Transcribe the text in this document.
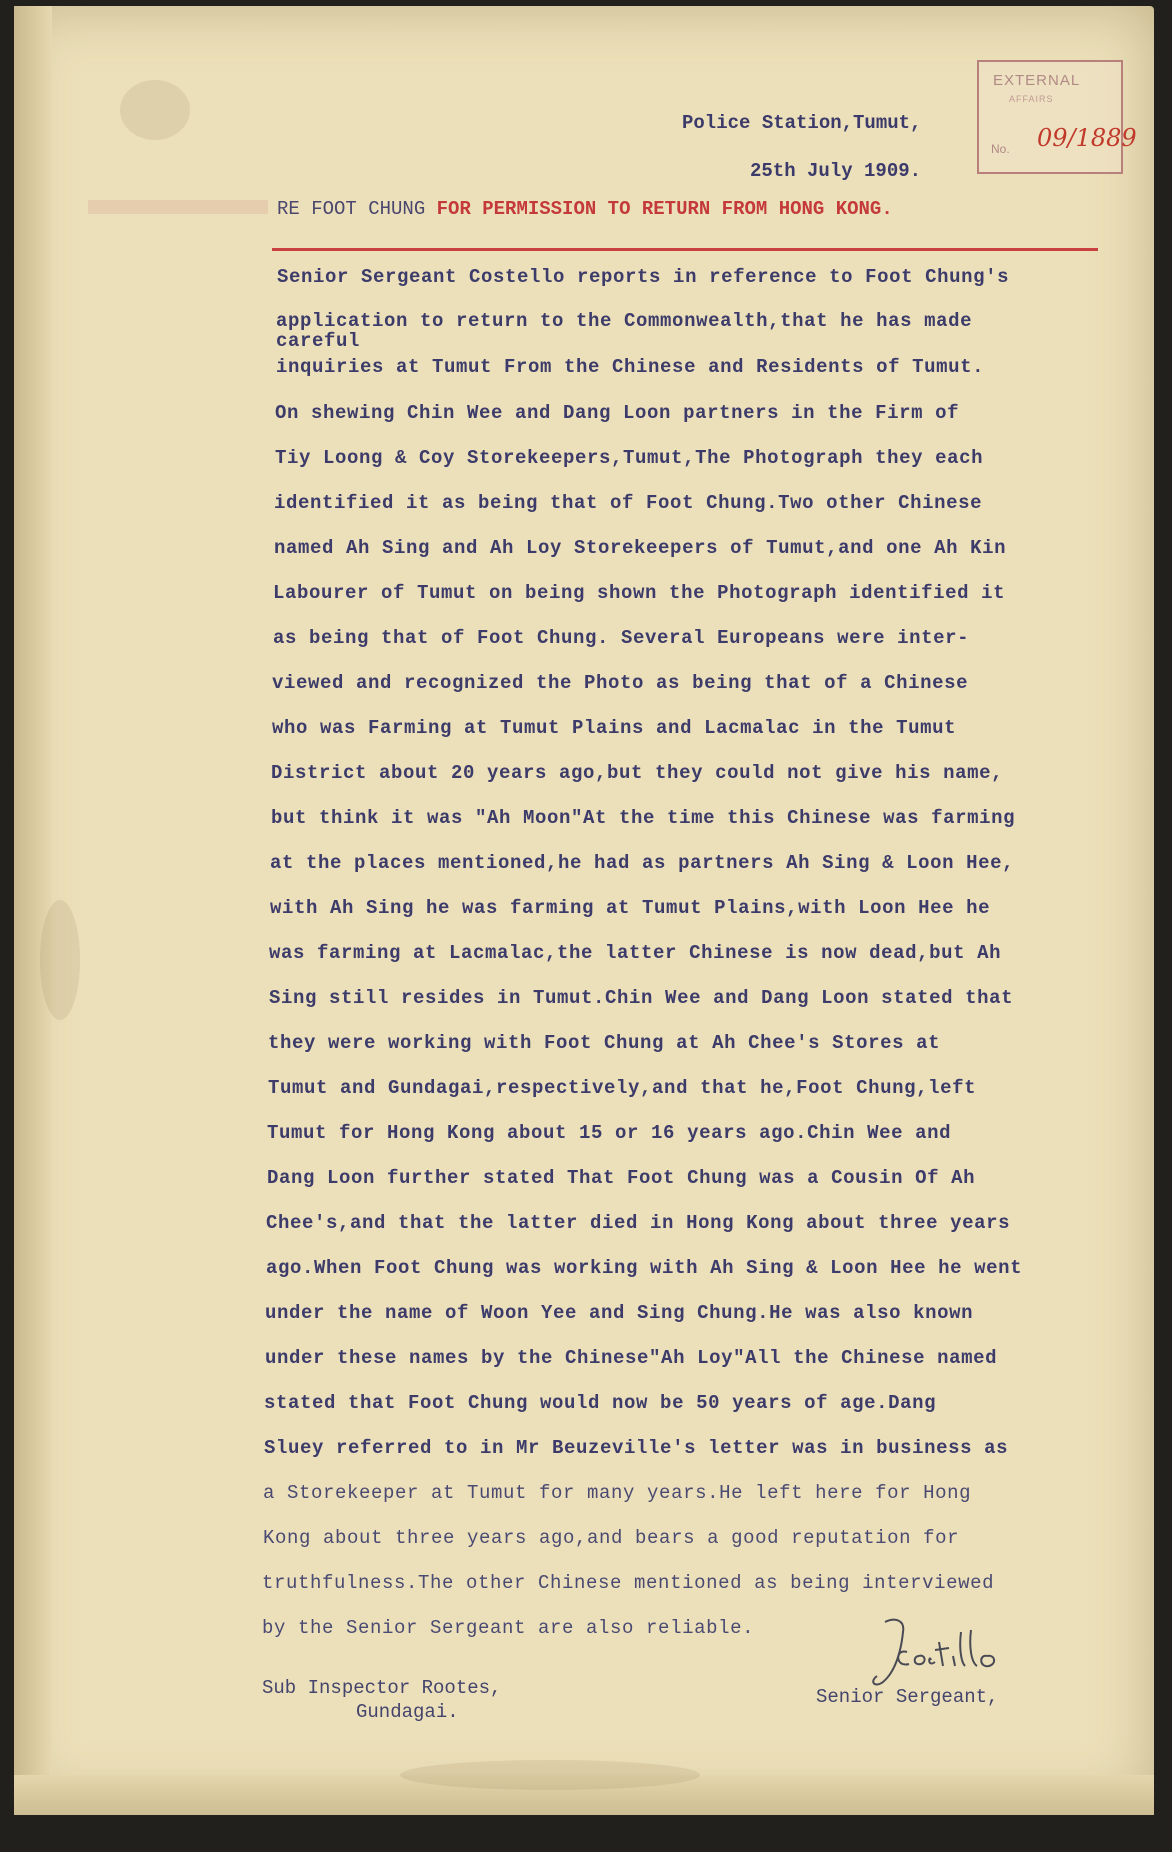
EXTERNAL
AFFAIRS
No. 09/1889
Police Station,Tumut,
25th July 1909.
RE FOOT CHUNG FOR PERMISSION TO RETURN FROM HONG KONG.
Senior Sergeant Costello reports in reference to Foot Chung's
application to return to the Commonwealth,that he has made
careful
inquiries at Tumut From the Chinese and Residents of Tumut.
On shewing Chin Wee and Dang Loon partners in the Firm of
Tiy Loong & Coy Storekeepers,Tumut,The Photograph they each
identified it as being that of Foot Chung.Two other Chinese
named Ah Sing and Ah Loy Storekeepers of Tumut,and one Ah Kin
Labourer of Tumut on being shown the Photograph identified it
as being that of Foot Chung. Several Europeans were inter-
viewed and recognized the Photo as being that of a Chinese
who was Farming at Tumut Plains and Lacmalac in the Tumut
District about 20 years ago,but they could not give his name,
but think it was "Ah Moon"At the time this Chinese was farming
at the places mentioned,he had as partners Ah Sing & Loon Hee,
with Ah Sing he was farming at Tumut Plains,with Loon Hee he
was farming at Lacmalac,the latter Chinese is now dead,but Ah
Sing still resides in Tumut.Chin Wee and Dang Loon stated that
they were working with Foot Chung at Ah Chee's Stores at
Tumut and Gundagai,respectively,and that he,Foot Chung,left
Tumut for Hong Kong about 15 or 16 years ago.Chin Wee and
Dang Loon further stated That Foot Chung was a Cousin Of Ah
Chee's,and that the latter died in Hong Kong about three years
ago.When Foot Chung was working with Ah Sing & Loon Hee he went
under the name of Woon Yee and Sing Chung.He was also known
under these names by the Chinese"Ah Loy"All the Chinese named
stated that Foot Chung would now be 50 years of age.Dang
Sluey referred to in Mr Beuzeville's letter was in business as
a Storekeeper at Tumut for many years.He left here for Hong
Kong about three years ago,and bears a good reputation for
truthfulness.The other Chinese mentioned as being interviewed
by the Senior Sergeant are also reliable.
Sub Inspector Rootes,
Gundagai.
Senior Sergeant,
